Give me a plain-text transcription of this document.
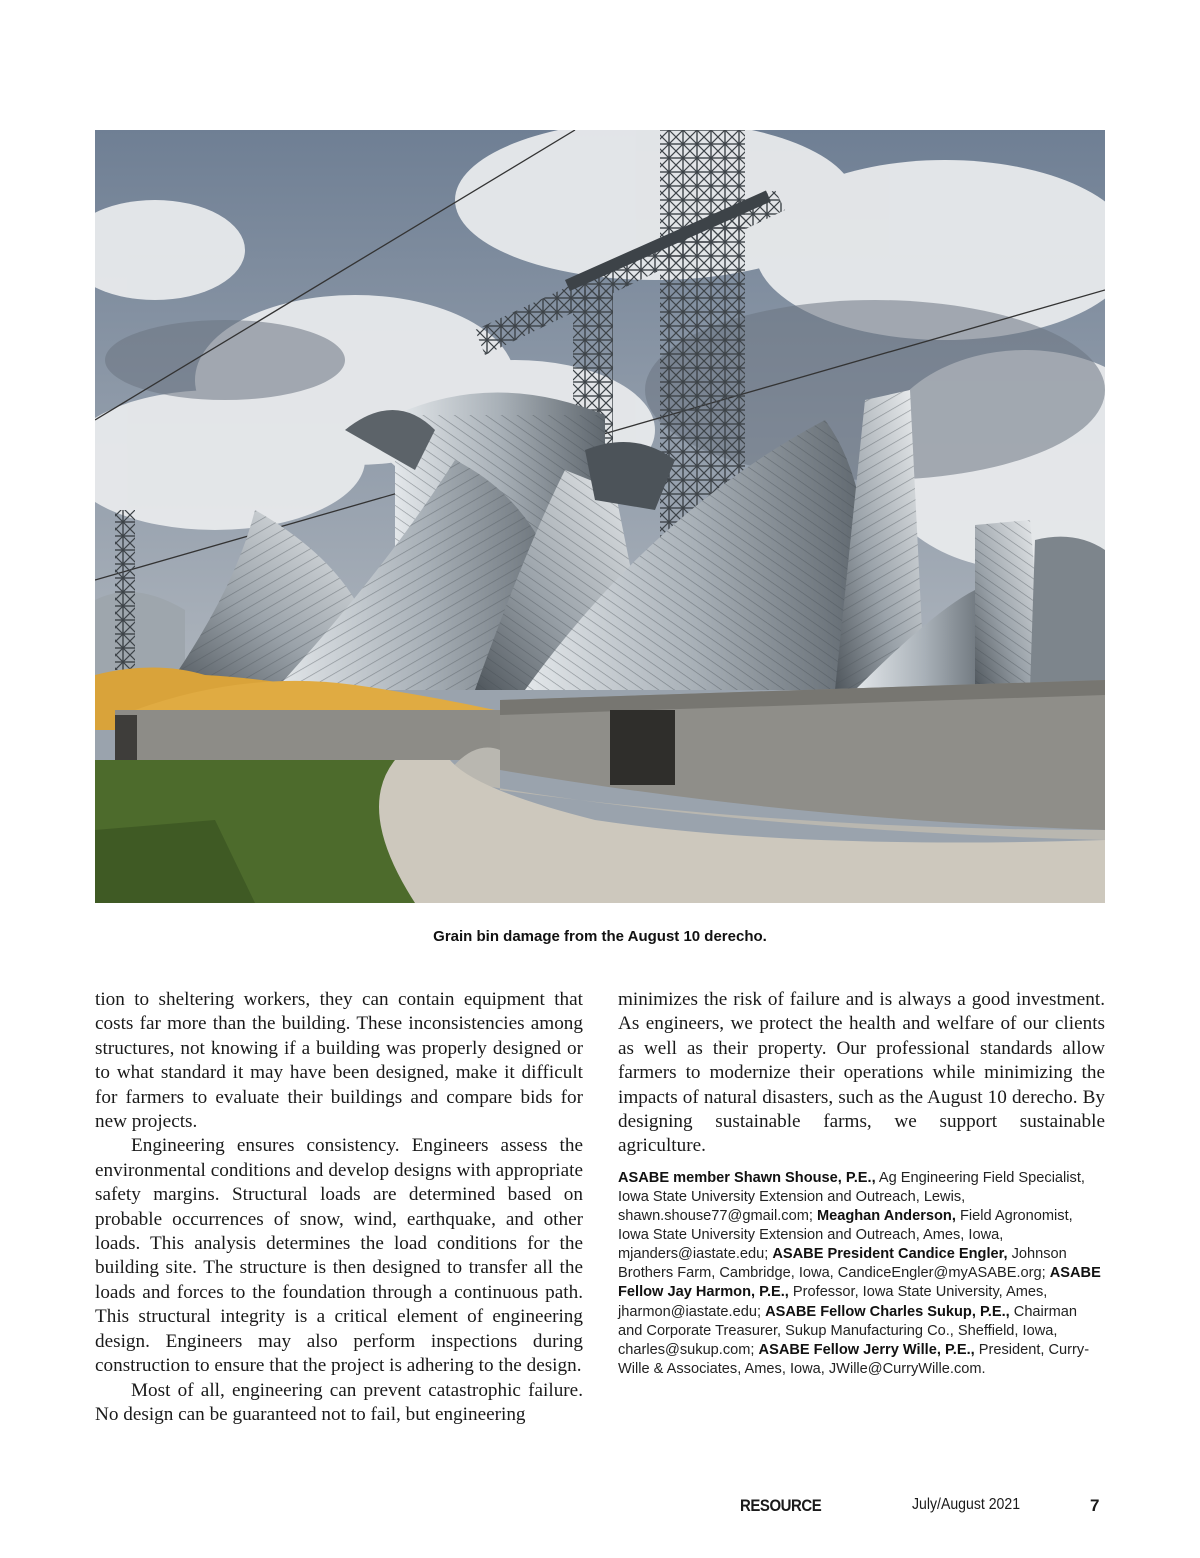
Grain bin damage from the August 10 derecho.

tion to sheltering workers, they can contain equipment that costs far more than the building. These inconsistencies among structures, not knowing if a building was properly designed or to what standard it may have been designed, make it difficult for farmers to evaluate their buildings and compare bids for new projects.

Engineering ensures consistency. Engineers assess the environmental conditions and develop designs with appropriate safety margins. Structural loads are determined based on probable occurrences of snow, wind, earthquake, and other loads. This analysis determines the load conditions for the building site. The structure is then designed to transfer all the loads and forces to the foundation through a continuous path. This structural integrity is a critical element of engineering design. Engineers may also perform inspections during construction to ensure that the project is adhering to the design.

Most of all, engineering can prevent catastrophic failure. No design can be guaranteed not to fail, but engineering

minimizes the risk of failure and is always a good investment. As engineers, we protect the health and welfare of our clients as well as their property. Our professional standards allow farmers to modernize their operations while minimizing the impacts of natural disasters, such as the August 10 derecho. By designing sustainable farms, we support sustainable agriculture.

ASABE member Shawn Shouse, P.E., Ag Engineering Field Specialist, Iowa State University Extension and Outreach, Lewis, shawn.shouse77@gmail.com; Meaghan Anderson, Field Agronomist, Iowa State University Extension and Outreach, Ames, Iowa, mjanders@iastate.edu; ASABE President Candice Engler, Johnson Brothers Farm, Cambridge, Iowa, CandiceEngler@myASABE.org; ASABE Fellow Jay Harmon, P.E., Professor, Iowa State University, Ames, jharmon@iastate.edu; ASABE Fellow Charles Sukup, P.E., Chairman and Corporate Treasurer, Sukup Manufacturing Co., Sheffield, Iowa, charles@sukup.com; ASABE Fellow Jerry Wille, P.E., President, Curry-Wille & Associates, Ames, Iowa, JWille@CurryWille.com.

RESOURCE	July/August 2021	7
